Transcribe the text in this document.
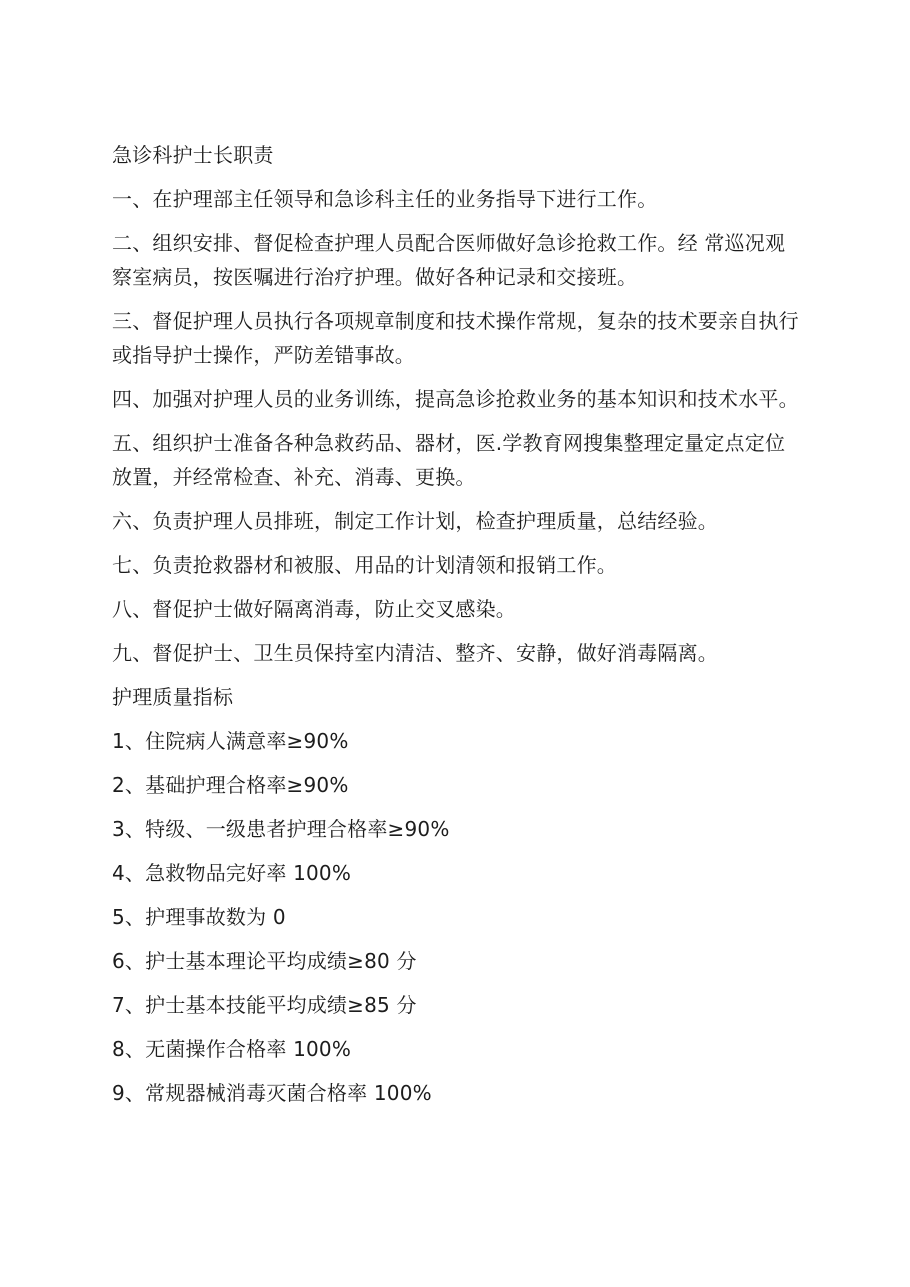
急诊科护士长职责

一、在护理部主任领导和急诊科主任的业务指导下进行工作。

二、组织安排、督促检查护理人员配合医师做好急诊抢救工作。经 常巡况观察室病员，按医嘱进行治疗护理。做好各种记录和交接班。

三、督促护理人员执行各项规章制度和技术操作常规，复杂的技术要亲自执行或指导护士操作，严防差错事故。

四、加强对护理人员的业务训练，提高急诊抢救业务的基本知识和技术水平。

五、组织护士准备各种急救药品、器材，医.学教育网搜集整理定量定点定位放置，并经常检查、补充、消毒、更换。

六、负责护理人员排班，制定工作计划，检查护理质量，总结经验。

七、负责抢救器材和被服、用品的计划清领和报销工作。

八、督促护士做好隔离消毒，防止交叉感染。

九、督促护士、卫生员保持室内清洁、整齐、安静，做好消毒隔离。

护理质量指标

1、住院病人满意率≥90%

2、基础护理合格率≥90%

3、特级、一级患者护理合格率≥90%

4、急救物品完好率 100%

5、护理事故数为 0

6、护士基本理论平均成绩≥80 分

7、护士基本技能平均成绩≥85 分

8、无菌操作合格率 100%

9、常规器械消毒灭菌合格率 100%
